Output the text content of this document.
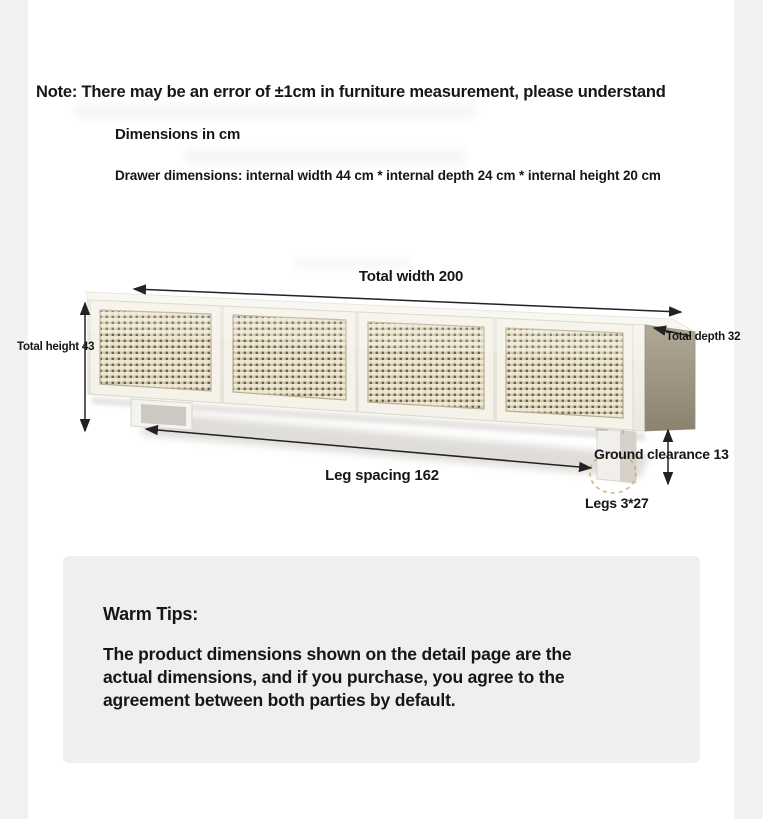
Note: There may be an error of ±1cm in furniture measurement, please understand
Dimensions in cm
Drawer dimensions: internal width 44 cm * internal depth 24 cm * internal height 20 cm
Total width 200
Total height 43
Total depth 32
Leg spacing 162
Ground clearance 13
Legs 3*27
Warm Tips:
The product dimensions shown on the detail page are the
actual dimensions, and if you purchase, you agree to the
agreement between both parties by default.
